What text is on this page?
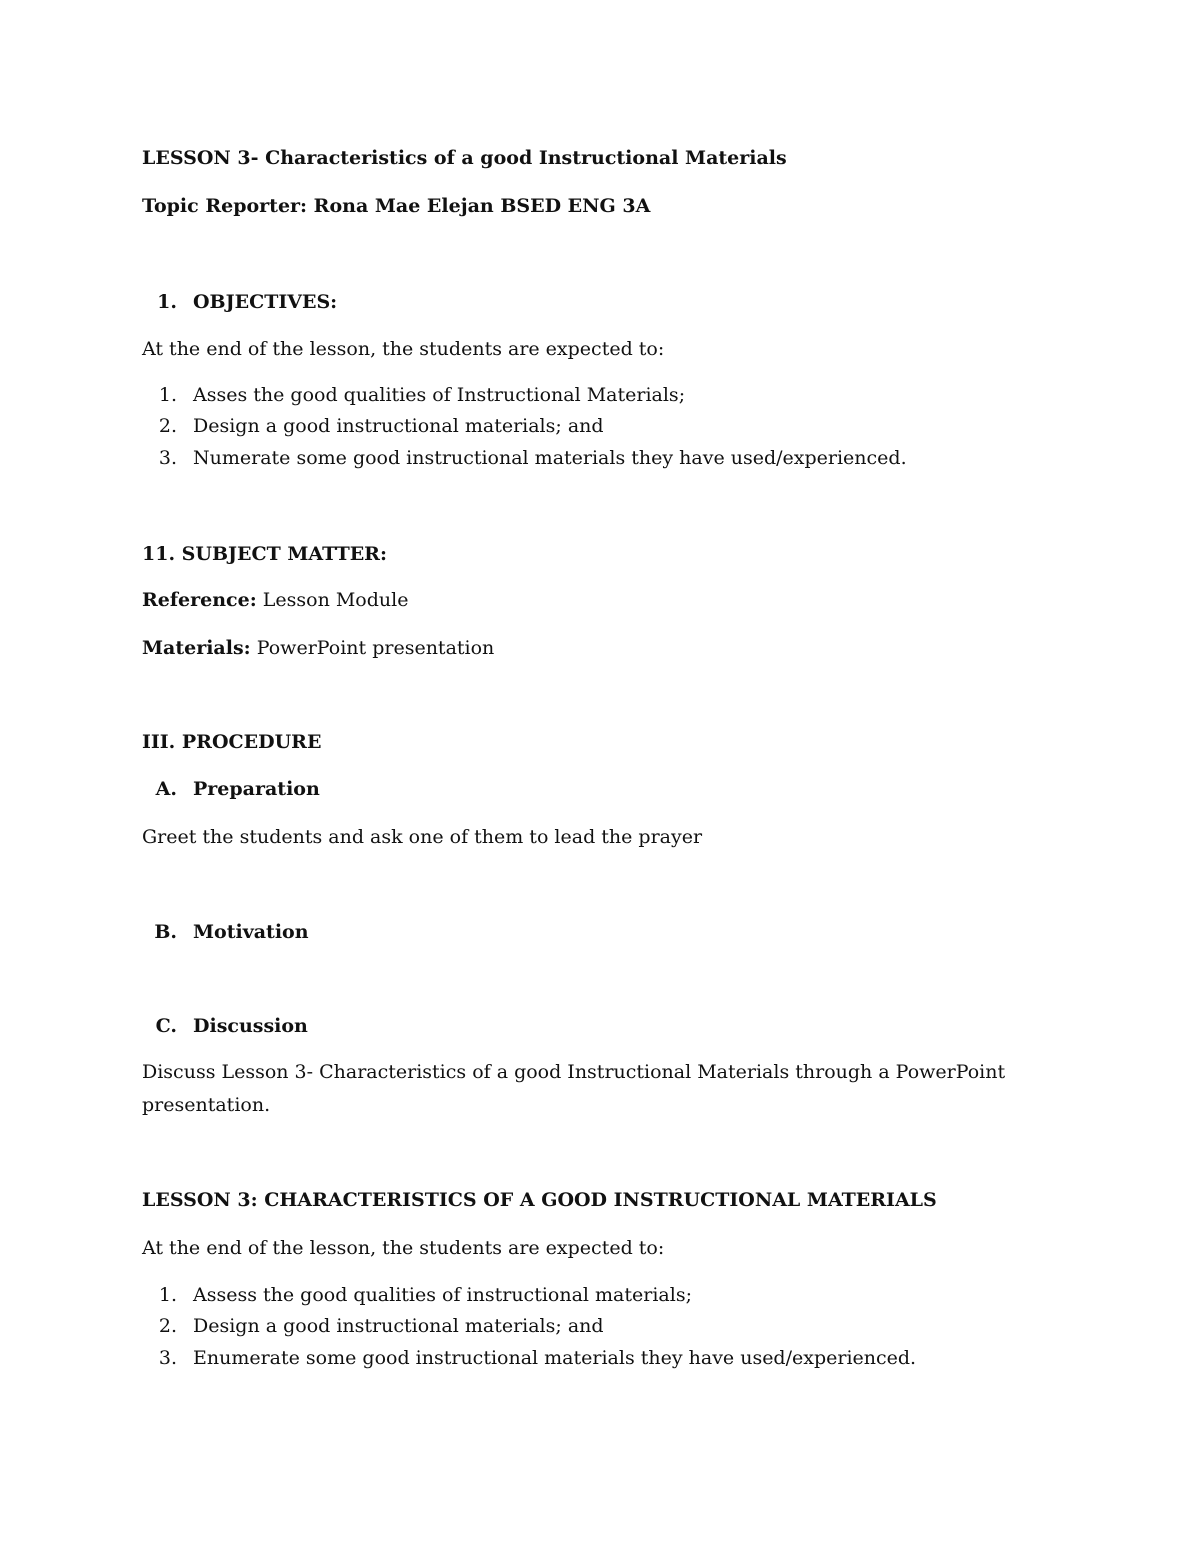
LESSON 3- Characteristics of a good Instructional Materials
Topic Reporter: Rona Mae Elejan BSED ENG 3A
1. OBJECTIVES:
At the end of the lesson, the students are expected to:
1. Asses the good qualities of Instructional Materials;
2. Design a good instructional materials; and
3. Numerate some good instructional materials they have used/experienced.
11. SUBJECT MATTER:
Reference: Lesson Module
Materials: PowerPoint presentation
III. PROCEDURE
A. Preparation
Greet the students and ask one of them to lead the prayer
B. Motivation
C. Discussion
Discuss Lesson 3- Characteristics of a good Instructional Materials through a PowerPoint presentation.
LESSON 3: CHARACTERISTICS OF A GOOD INSTRUCTIONAL MATERIALS
At the end of the lesson, the students are expected to:
1. Assess the good qualities of instructional materials;
2. Design a good instructional materials; and
3. Enumerate some good instructional materials they have used/experienced.
